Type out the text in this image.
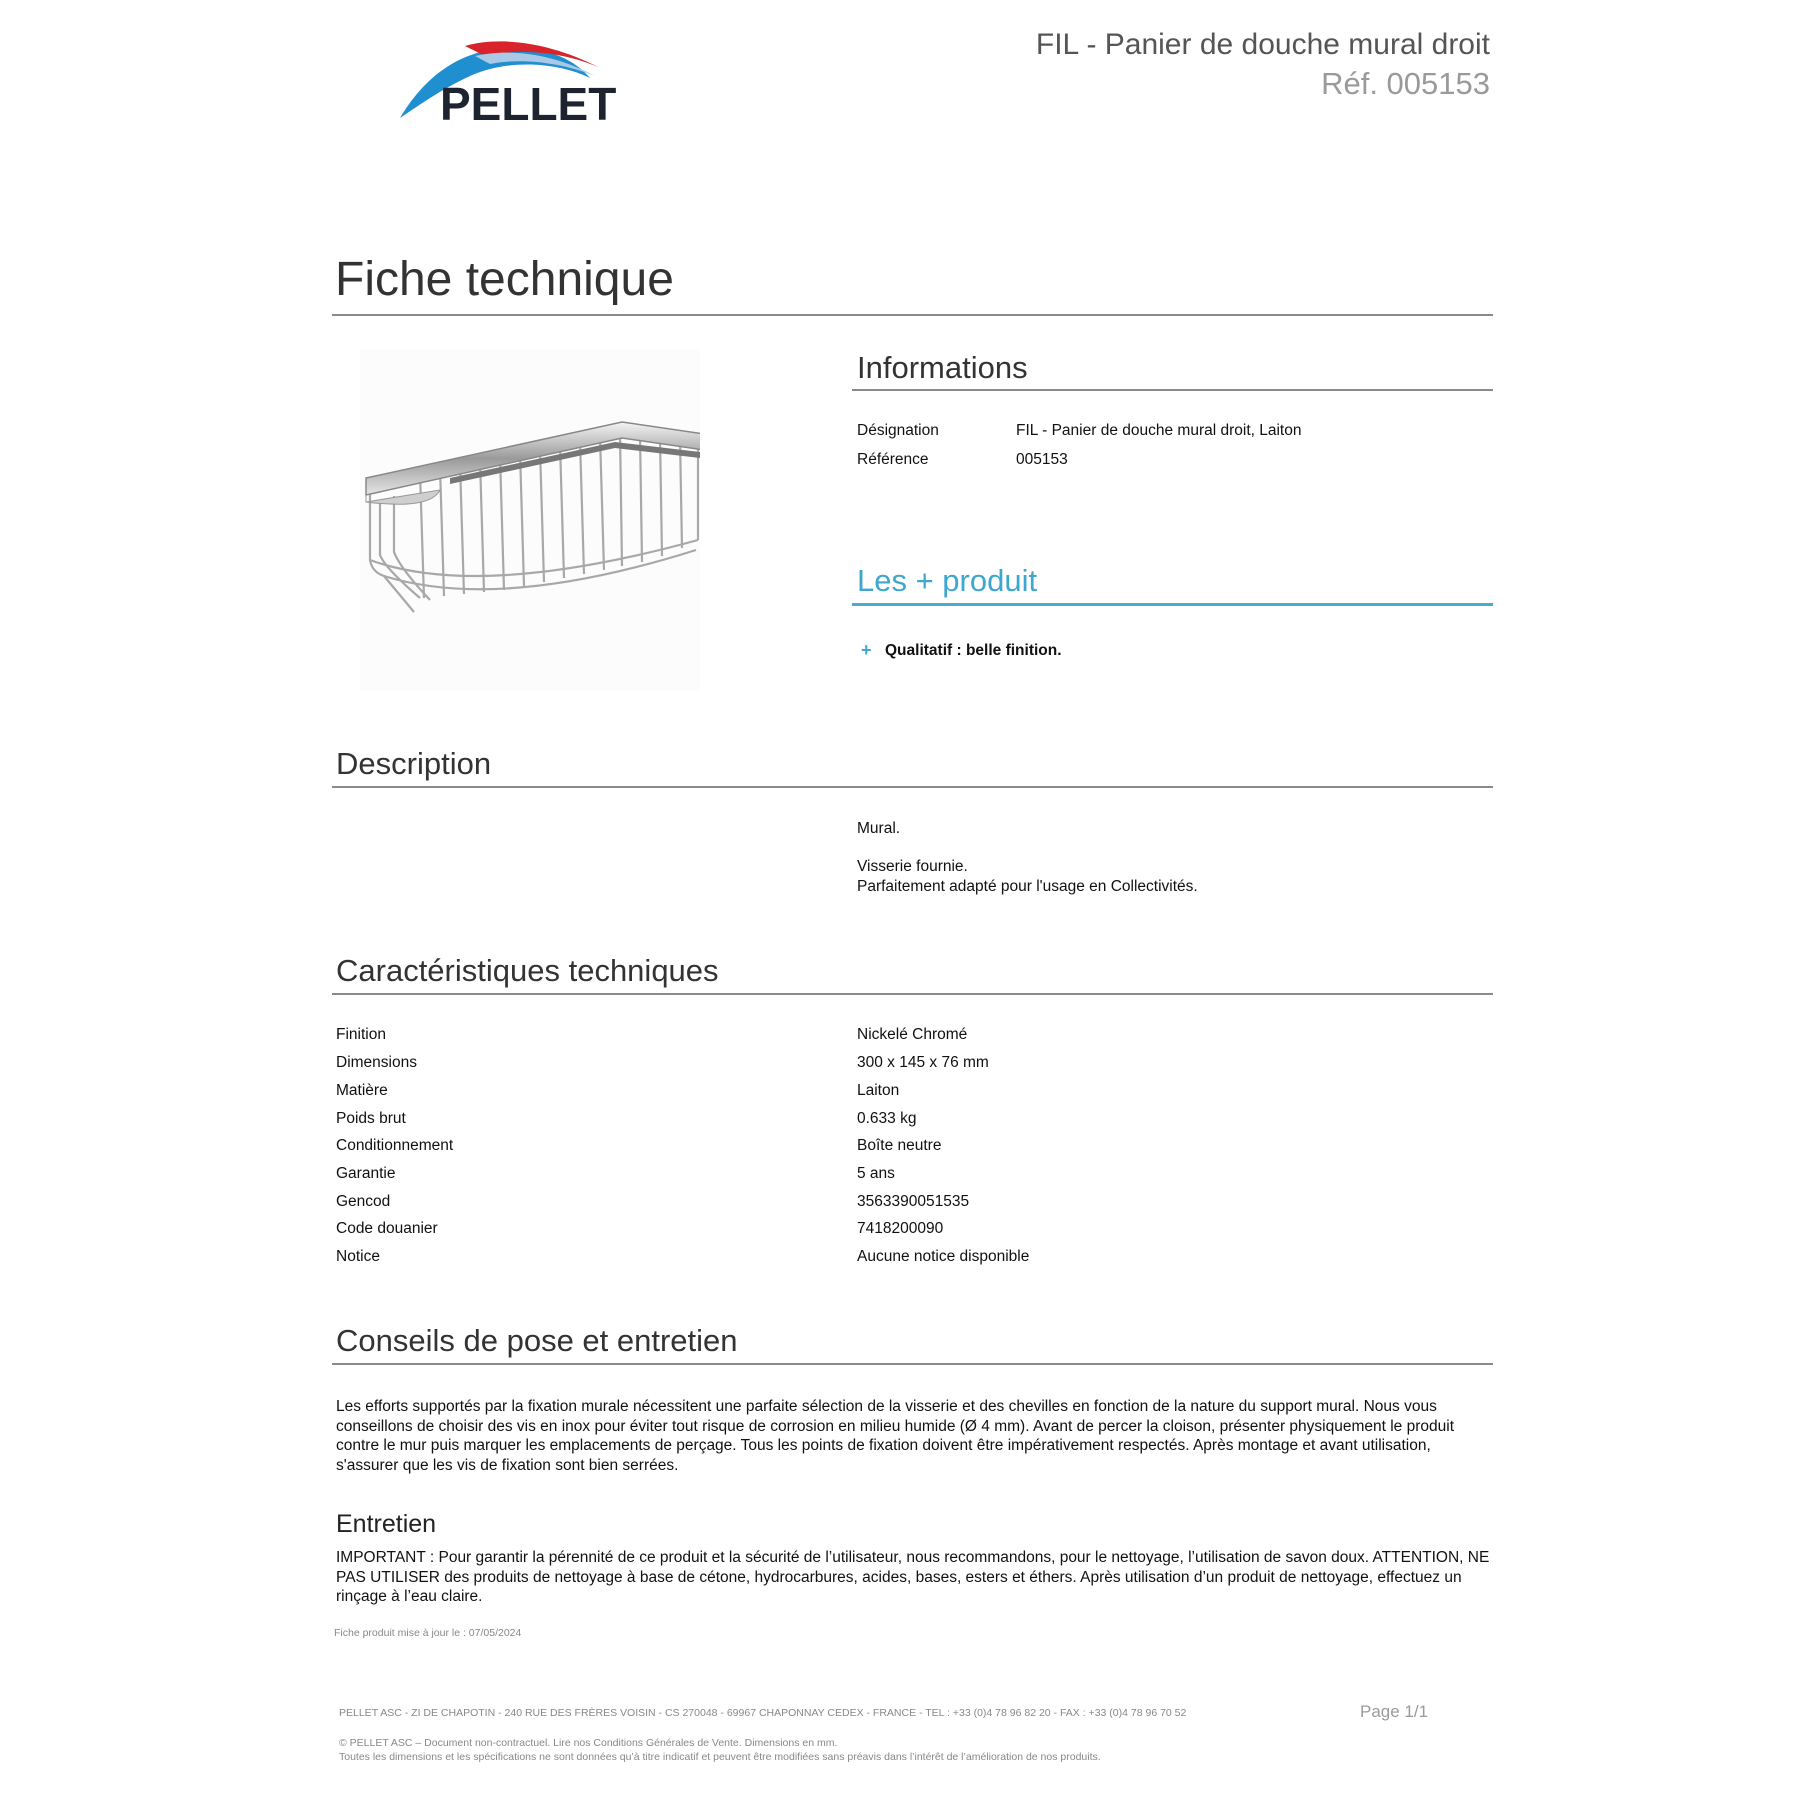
PELLET
FIL - Panier de douche mural droit
Réf. 005153
Fiche technique
Informations
Désignation	FIL - Panier de douche mural droit, Laiton
Référence	005153
Les + produit
+ Qualitatif : belle finition.
Description
Mural.
Visserie fournie.
Parfaitement adapté pour l'usage en Collectivités.
Caractéristiques techniques
Finition	Nickelé Chromé
Dimensions	300 x 145 x 76 mm
Matière	Laiton
Poids brut	0.633 kg
Conditionnement	Boîte neutre
Garantie	5 ans
Gencod	3563390051535
Code douanier	7418200090
Notice	Aucune notice disponible
Conseils de pose et entretien
Les efforts supportés par la fixation murale nécessitent une parfaite sélection de la visserie et des chevilles en fonction de la nature du support mural. Nous vous conseillons de choisir des vis en inox pour éviter tout risque de corrosion en milieu humide (Ø 4 mm). Avant de percer la cloison, présenter physiquement le produit contre le mur puis marquer les emplacements de perçage. Tous les points de fixation doivent être impérativement respectés. Après montage et avant utilisation, s'assurer que les vis de fixation sont bien serrées.
Entretien
IMPORTANT : Pour garantir la pérennité de ce produit et la sécurité de l’utilisateur, nous recommandons, pour le nettoyage, l’utilisation de savon doux. ATTENTION, NE PAS UTILISER des produits de nettoyage à base de cétone, hydrocarbures, acides, bases, esters et éthers. Après utilisation d’un produit de nettoyage, effectuez un rinçage à l’eau claire.
Fiche produit mise à jour le : 07/05/2024
PELLET ASC - ZI DE CHAPOTIN - 240 RUE DES FRÈRES VOISIN - CS 270048 - 69967 CHAPONNAY CEDEX - FRANCE - TEL : +33 (0)4 78 96 82 20 - FAX : +33 (0)4 78 96 70 52	Page 1/1
© PELLET ASC – Document non-contractuel. Lire nos Conditions Générales de Vente. Dimensions en mm.
Toutes les dimensions et les spécifications ne sont données qu’à titre indicatif et peuvent être modifiées sans préavis dans l’intérêt de l’amélioration de nos produits.
